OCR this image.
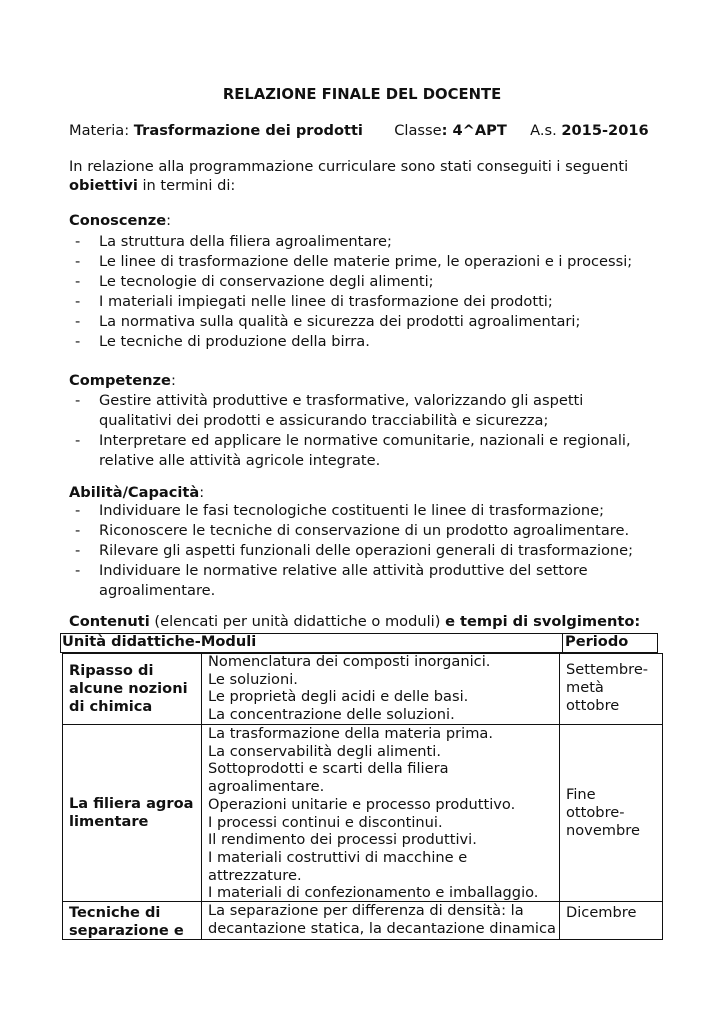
RELAZIONE FINALE DEL DOCENTE
Materia: Trasformazione dei prodotti Classe: 4^APT A.s. 2015-2016
In relazione alla programmazione curriculare sono stati conseguiti i seguenti
obiettivi in termini di:
Conoscenze:
- La struttura della filiera agroalimentare;
- Le linee di trasformazione delle materie prime, le operazioni e i processi;
- Le tecnologie di conservazione degli alimenti;
- I materiali impiegati nelle linee di trasformazione dei prodotti;
- La normativa sulla qualità e sicurezza dei prodotti agroalimentari;
- Le tecniche di produzione della birra.
Competenze:
- Gestire attività produttive e trasformative, valorizzando gli aspetti qualitativi dei prodotti e assicurando tracciabilità e sicurezza;
- Interpretare ed applicare le normative comunitarie, nazionali e regionali, relative alle attività agricole integrate.
Abilità/Capacità:
- Individuare le fasi tecnologiche costituenti le linee di trasformazione;
- Riconoscere le tecniche di conservazione di un prodotto agroalimentare.
- Rilevare gli aspetti funzionali delle operazioni generali di trasformazione;
- Individuare le normative relative alle attività produttive del settore agroalimentare.
Contenuti (elencati per unità didattiche o moduli) e tempi di svolgimento:
Unità didattiche-Moduli	Periodo
Ripasso di alcune nozioni di chimica
Nomenclatura dei composti inorganici.
Le soluzioni.
Le proprietà degli acidi e delle basi.
La concentrazione delle soluzioni.
Settembre-metà ottobre
La filiera agroalimentare
La trasformazione della materia prima.
La conservabilità degli alimenti.
Sottoprodotti e scarti della filiera
agroalimentare.
Operazioni unitarie e processo produttivo.
I processi continui e discontinui.
Il rendimento dei processi produttivi.
I materiali costruttivi di macchine e
attrezzature.
I materiali di confezionamento e imballaggio.
Fine ottobre-novembre
Tecniche di separazione e
La separazione per differenza di densità: la
decantazione statica, la decantazione dinamica
Dicembre
